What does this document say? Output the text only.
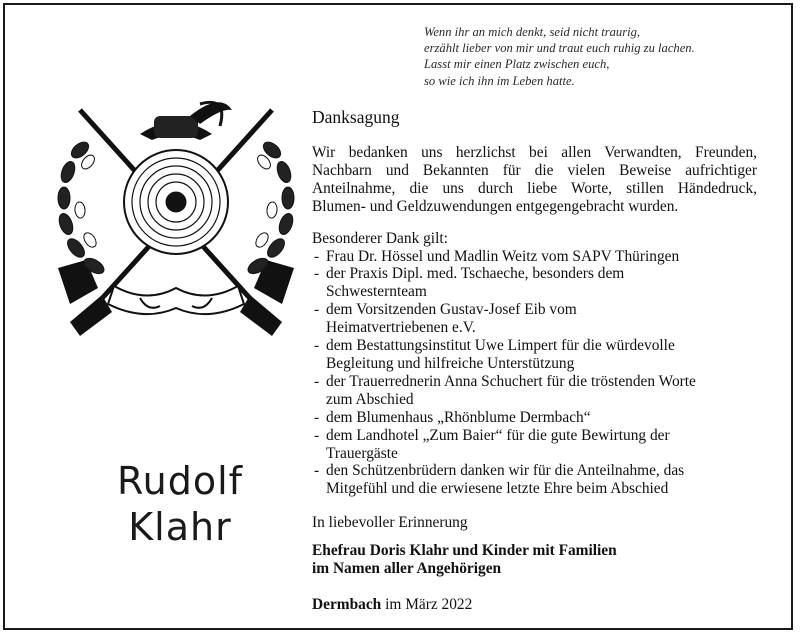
Wenn ihr an mich denkt, seid nicht traurig,
erzählt lieber von mir und traut euch ruhig zu lachen.
Lasst mir einen Platz zwischen euch,
so wie ich ihn im Leben hatte.
Rudolf
Klahr
Danksagung
Wir bedanken uns herzlichst bei allen Verwandten, Freunden,
Nachbarn und Bekannten für die vielen Beweise aufrichtiger
Anteilnahme, die uns durch liebe Worte, stillen Händedruck,
Blumen- und Geldzuwendungen entgegengebracht wurden.
Besonderer Dank gilt:
- Frau Dr. Hössel und Madlin Weitz vom SAPV Thüringen
- der Praxis Dipl. med. Tschaeche, besonders dem
Schwesternteam
- dem Vorsitzenden Gustav-Josef Eib vom
Heimatvertriebenen e.V.
- dem Bestattungsinstitut Uwe Limpert für die würdevolle
Begleitung und hilfreiche Unterstützung
- der Trauerrednerin Anna Schuchert für die tröstenden Worte
zum Abschied
- dem Blumenhaus „Rhönblume Dermbach“
- dem Landhotel „Zum Baier“ für die gute Bewirtung der
Trauergäste
- den Schützenbrüdern danken wir für die Anteilnahme, das
Mitgefühl und die erwiesene letzte Ehre beim Abschied
In liebevoller Erinnerung
Ehefrau Doris Klahr und Kinder mit Familien
im Namen aller Angehörigen
Dermbach im März 2022
